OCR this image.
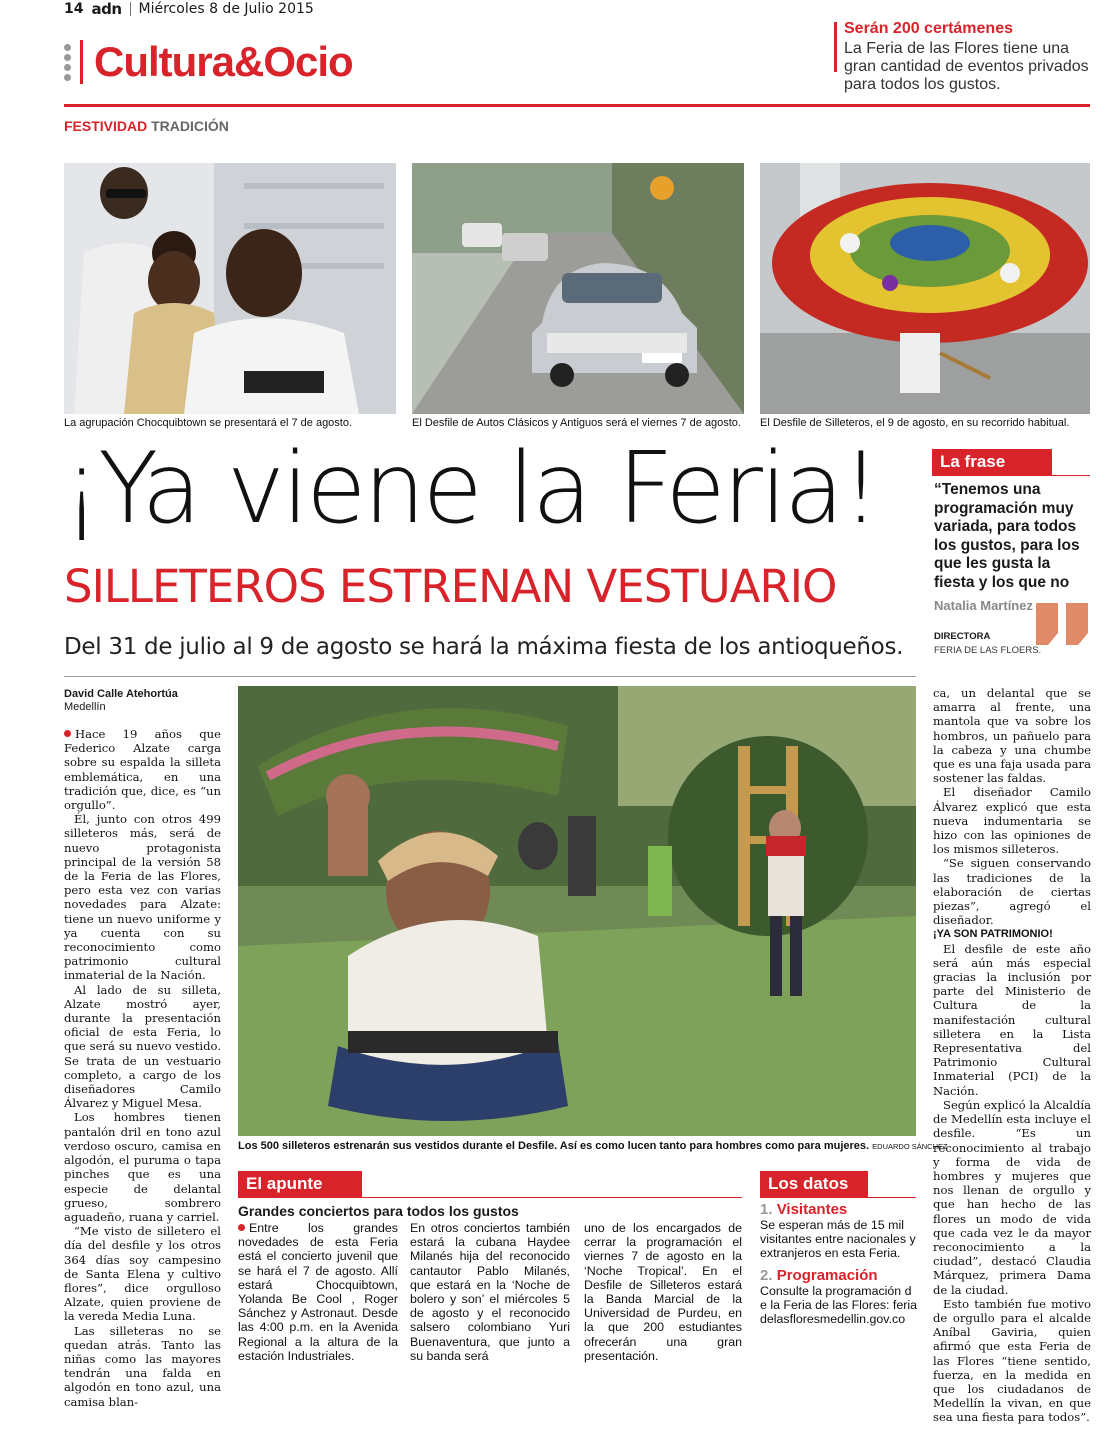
14 adn Miércoles 8 de Julio 2015
Cultura&Ocio
Serán 200 certámenes
La Feria de las Flores tiene una gran cantidad de eventos privados para todos los gustos.
FESTIVIDAD TRADICIÓN
La agrupación Chocquibtown se presentará el 7 de agosto.	El Desfile de Autos Clásicos y Antiguos será el viernes 7 de agosto. El Desfile de Silleteros, el 9 de agosto, en su recorrido habitual.
¡Ya viene la Feria!
SILLETEROS ESTRENAN VESTUARIO
Del 31 de julio al 9 de agosto se hará la máxima fiesta de los antioqueños.
La frase
“Tenemos una programación muy variada, para todos los gustos, para los que les gusta la fiesta y los que no
Natalia Martínez
DIRECTORA
FERIA DE LAS FLOERS.
David Calle Atehortúa
Medellín

Hace 19 años que Federico Alzate carga sobre su espalda la silleta emblemática, en una tradición que, dice, es “un orgullo”.

Él, junto con otros 499 silleteros más, será de nuevo protagonista principal de la versión 58 de la Feria de las Flores, pero esta vez con varias novedades para Alzate: tiene un nuevo uniforme y ya cuenta con su reconocimiento como patrimonio cultural inmaterial de la Nación.

Al lado de su silleta, Alzate mostró ayer, durante la presentación oficial de esta Feria, lo que será su nuevo vestido. Se trata de un vestuario completo, a cargo de los diseñadores Camilo Álvarez y Miguel Mesa.

Los hombres tienen pantalón dril en tono azul verdoso oscuro, camisa en algodón, el puruma o tapa pinches que es una especie de delantal grueso, sombrero aguadeño, ruana y carriel.

“Me visto de silletero el día del desfile y los otros 364 días soy campesino de Santa Elena y cultivo flores”, dice orgulloso Alzate, quien proviene de la vereda Media Luna.

Las silleteras no se quedan atrás. Tanto las niñas como las mayores tendrán una falda en algodón en tono azul, una camisa blan-

Los 500 silleteros estrenarán sus vestidos durante el Desfile. Así es como lucen tanto para hombres como para mujeres. EDUARDO SÁNCHEZ

ca, un delantal que se amarra al frente, una mantola que va sobre los hombros, un pañuelo para la cabeza y una chumbe que es una faja usada para sostener las faldas.

El diseñador Camilo Álvarez explicó que esta nueva indumentaria se hizo con las opiniones de los mismos silleteros.

“Se siguen conservando las tradiciones de la elaboración de ciertas piezas”, agregó el diseñador.

¡YA SON PATRIMONIO!

El desfile de este año será aún más especial gracias la inclusión por parte del Ministerio de Cultura de la manifestación cultural silletera en la Lista Representativa del Patrimonio Cultural Inmaterial (PCI) de la Nación.

Según explicó la Alcaldía de Medellín esta incluye el desfile. “Es un reconocimiento al trabajo y forma de vida de hombres y mujeres que nos llenan de orgullo y que han hecho de las flores un modo de vida que cada vez le da mayor reconocimiento a la ciudad”, destacó Claudia Márquez, primera Dama de la ciudad.

Esto también fue motivo de orgullo para el alcalde Aníbal Gaviria, quien afirmó que esta Feria de las Flores “tiene sentido, fuerza, en la medida en que los ciudadanos de Medellín la vivan, en que sea una fiesta para todos”.

El apunte
Grandes conciertos para todos los gustos
Entre los grandes novedades de esta Feria está el concierto juvenil que se hará el 7 de agosto. Allí estará Chocquibtown, Yolanda Be Cool , Roger Sánchez y Astronaut. Desde las 4:00 p.m. en la Avenida Regional a la altura de la estación Industriales.
En otros conciertos también estará la cubana Haydee Milanés hija del reconocido cantautor Pablo Milanés, que estará en la ‘Noche de bolero y son’ el miércoles 5 de agosto y el reconocido salsero colombiano Yuri Buenaventura, que junto a su banda será
uno de los encargados de cerrar la programación el viernes 7 de agosto en la ‘Noche Tropical’. En el Desfile de Silleteros estará la Banda Marcial de la Universidad de Purdeu, en la que 200 estudiantes ofrecerán una gran presentación.
Los datos
1. Visitantes
Se esperan más de 15 mil visitantes entre nacionales y extranjeros en esta Feria.
2. Programación
Consulte la programación de la Feria de las Flores: feriadelasfloresmedellin.gov.co
